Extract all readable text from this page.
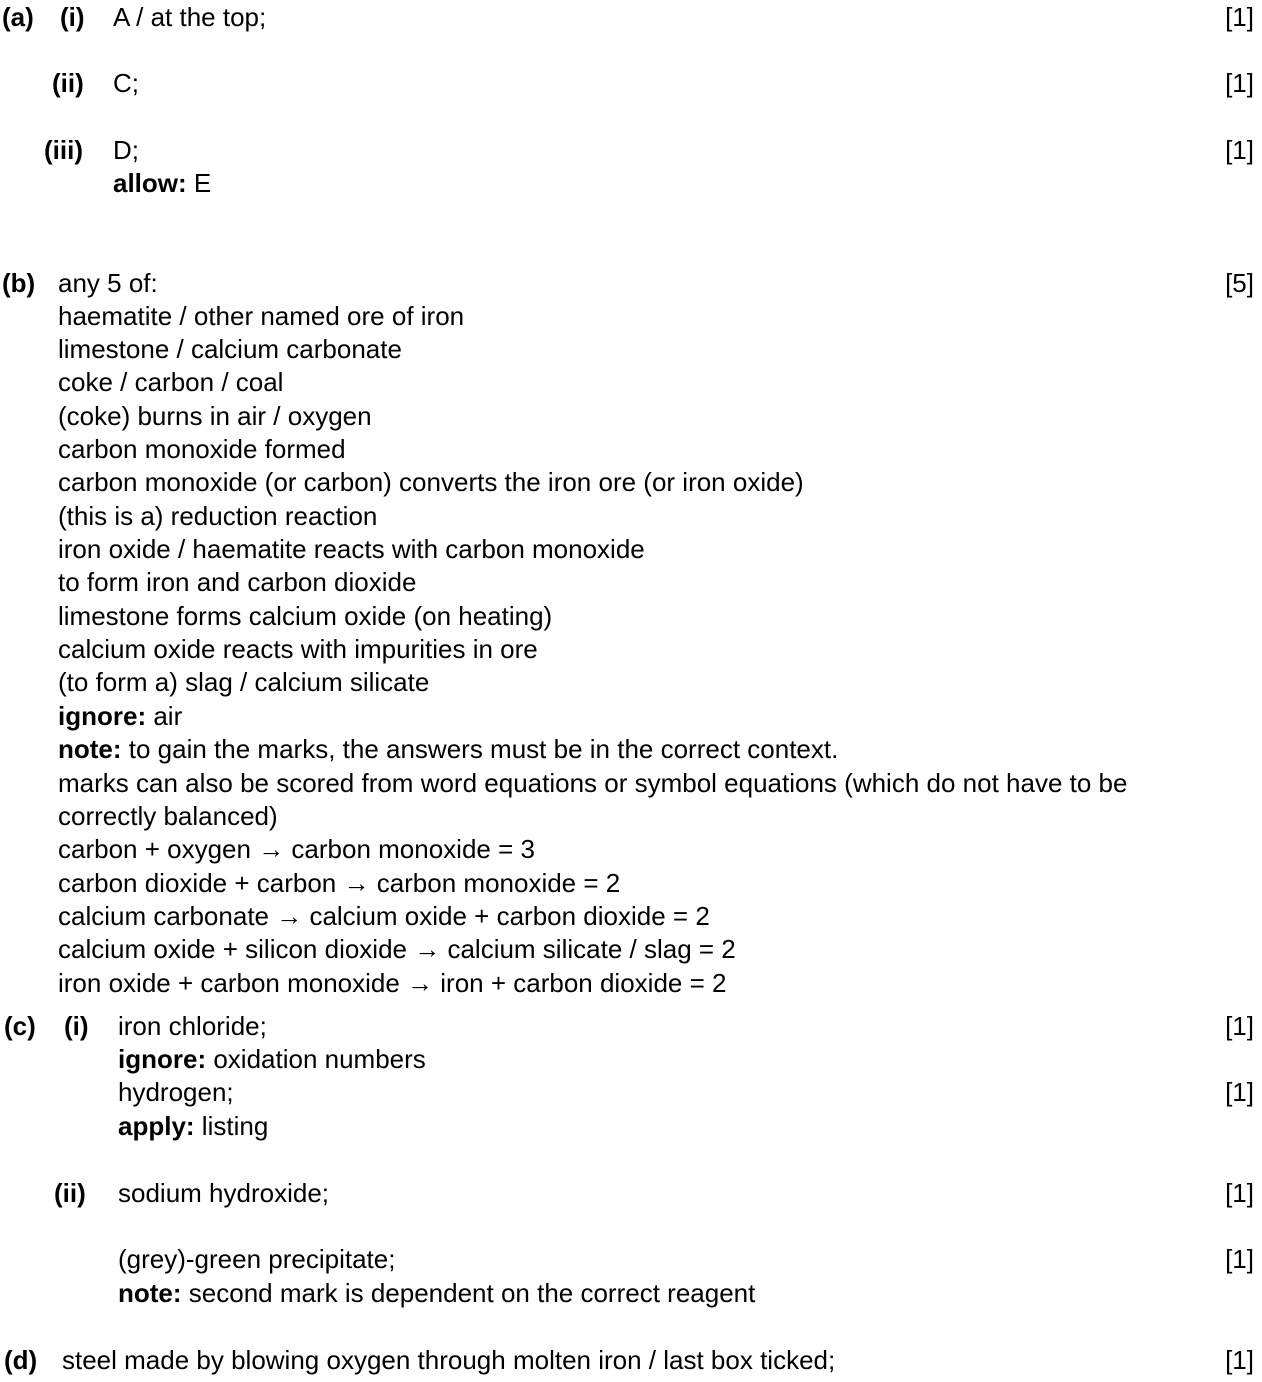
(a) (i) A / at the top;	[1]
(ii) C;	[1]
(iii) D;	[1]
allow: E
(b) any 5 of:	[5]
haematite / other named ore of iron
limestone / calcium carbonate
coke / carbon / coal
(coke) burns in air / oxygen
carbon monoxide formed
carbon monoxide (or carbon) converts the iron ore (or iron oxide)
(this is a) reduction reaction
iron oxide / haematite reacts with carbon monoxide
to form iron and carbon dioxide
limestone forms calcium oxide (on heating)
calcium oxide reacts with impurities in ore
(to form a) slag / calcium silicate
ignore: air
note: to gain the marks, the answers must be in the correct context.
marks can also be scored from word equations or symbol equations (which do not have to be
correctly balanced)
carbon + oxygen → carbon monoxide = 3
carbon dioxide + carbon → carbon monoxide = 2
calcium carbonate → calcium oxide + carbon dioxide = 2
calcium oxide + silicon dioxide → calcium silicate / slag = 2
iron oxide + carbon monoxide → iron + carbon dioxide = 2
(c) (i) iron chloride;	[1]
ignore: oxidation numbers
hydrogen;	[1]
apply: listing
(ii) sodium hydroxide;	[1]
(grey)-green precipitate;	[1]
note: second mark is dependent on the correct reagent
(d) steel made by blowing oxygen through molten iron / last box ticked;	[1]
